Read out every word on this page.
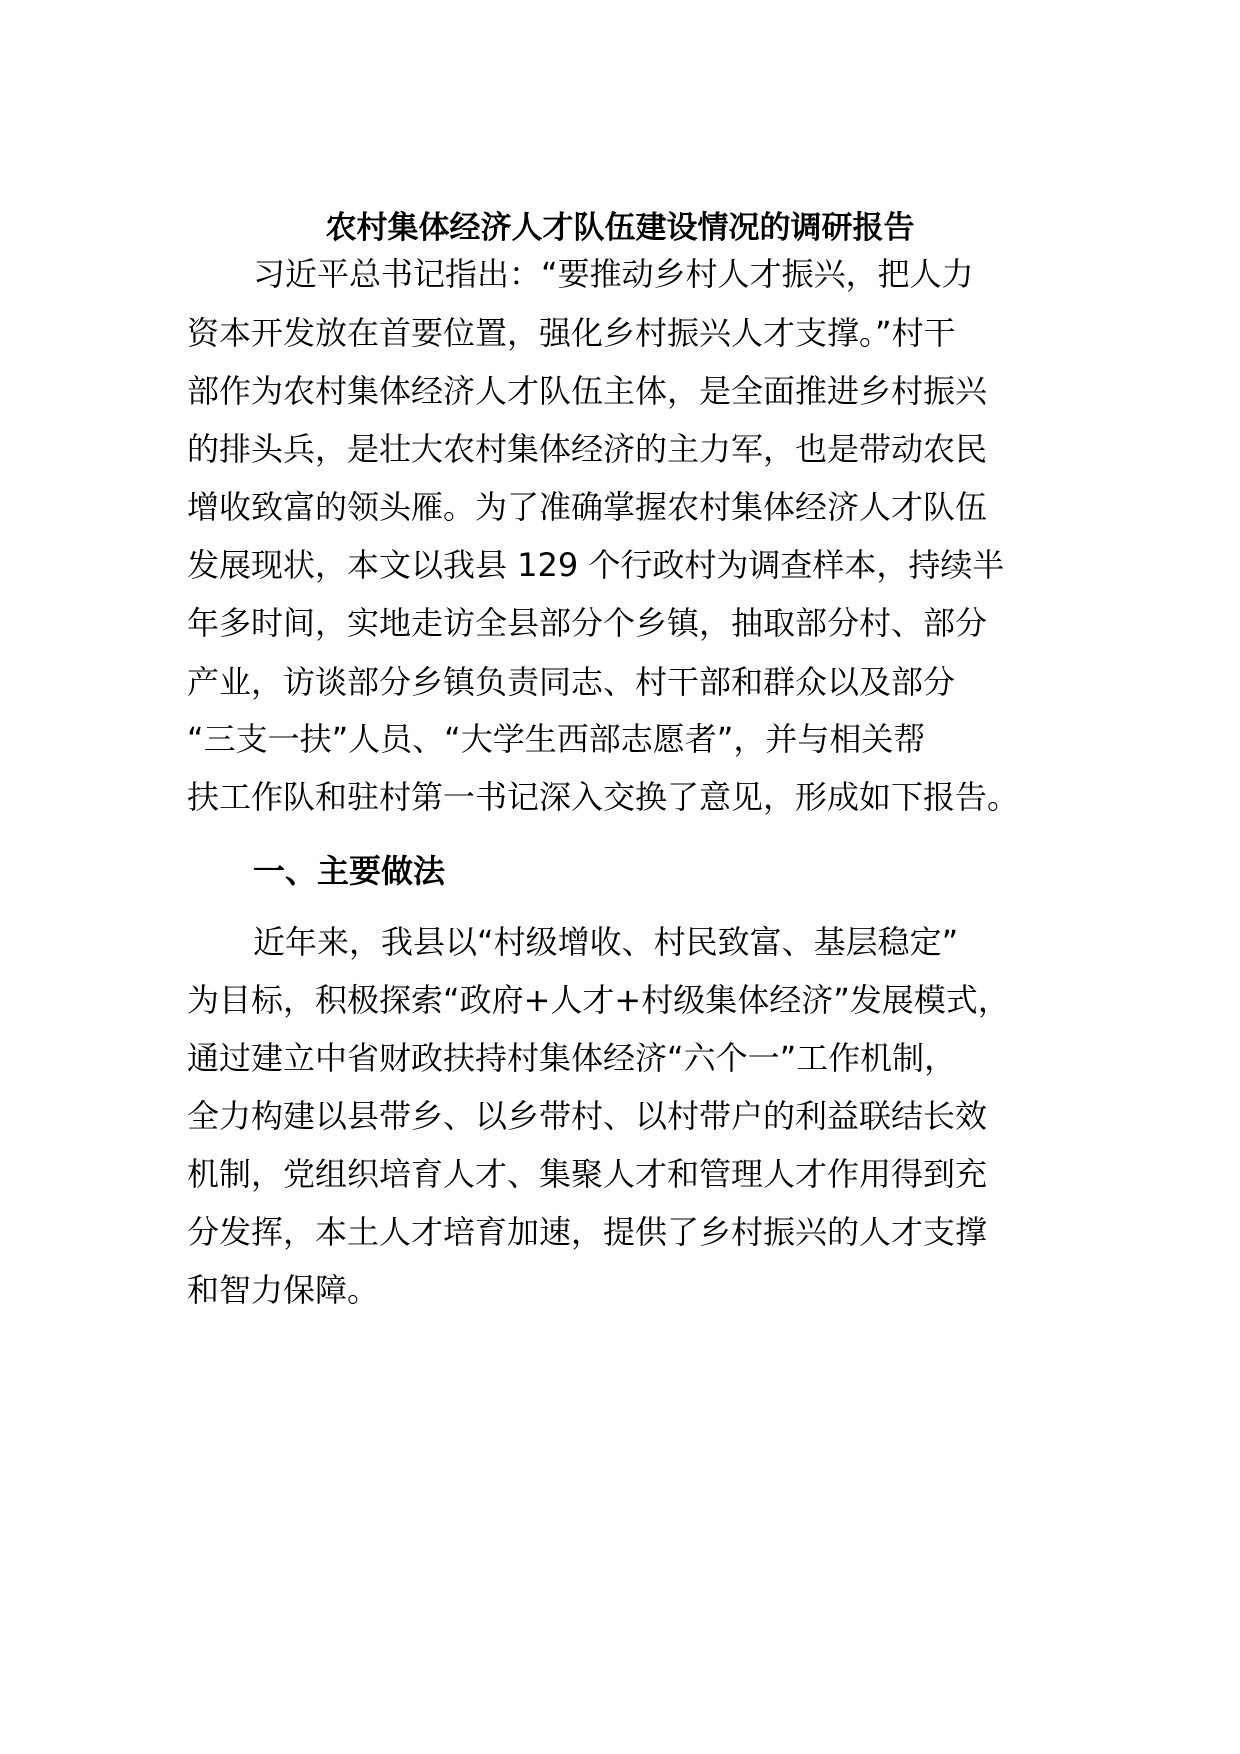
农村集体经济人才队伍建设情况的调研报告
习近平总书记指出：“要推动乡村人才振兴，把人力
资本开发放在首要位置，强化乡村振兴人才支撑。”村干
部作为农村集体经济人才队伍主体，是全面推进乡村振兴
的排头兵，是壮大农村集体经济的主力军，也是带动农民
增收致富的领头雁。为了准确掌握农村集体经济人才队伍
发展现状，本文以我县 129 个行政村为调查样本，持续半
年多时间，实地走访全县部分个乡镇，抽取部分村、部分
产业，访谈部分乡镇负责同志、村干部和群众以及部分
“三支一扶”人员、“大学生西部志愿者”，并与相关帮
扶工作队和驻村第一书记深入交换了意见，形成如下报告。
一、主要做法
近年来，我县以“村级增收、村民致富、基层稳定”
为目标，积极探索“政府+人才+村级集体经济”发展模式，
通过建立中省财政扶持村集体经济“六个一”工作机制，
全力构建以县带乡、以乡带村、以村带户的利益联结长效
机制，党组织培育人才、集聚人才和管理人才作用得到充
分发挥，本土人才培育加速，提供了乡村振兴的人才支撑
和智力保障。
